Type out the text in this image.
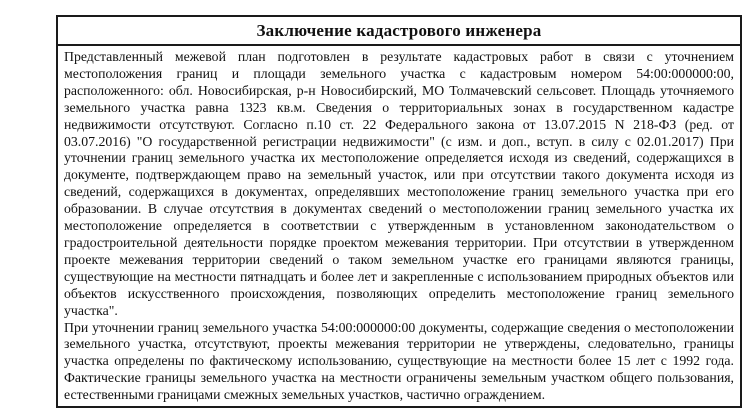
Заключение кадастрового инженера

Представленный межевой план подготовлен в результате кадастровых работ в связи с уточнением местоположения границ и площади земельного участка с кадастровым номером 54:00:000000:00, расположенного: обл. Новосибирская, р-н Новосибирский, МО Толмачевский сельсовет. Площадь уточняемого земельного участка равна 1323 кв.м. Сведения о территориальных зонах в государственном кадастре недвижимости отсутствуют. Согласно п.10 ст. 22 Федерального закона от 13.07.2015 N 218-ФЗ (ред. от 03.07.2016) "О государственной регистрации недвижимости" (с изм. и доп., вступ. в силу с 02.01.2017) При уточнении границ земельного участка их местоположение определяется исходя из сведений, содержащихся в документе, подтверждающем право на земельный участок, или при отсутствии такого документа исходя из сведений, содержащихся в документах, определявших местоположение границ земельного участка при его образовании. В случае отсутствия в документах сведений о местоположении границ земельного участка их местоположение определяется в соответствии с утвержденным в установленном законодательством о градостроительной деятельности порядке проектом межевания территории. При отсутствии в утвержденном проекте межевания территории сведений о таком земельном участке его границами являются границы, существующие на местности пятнадцать и более лет и закрепленные с использованием природных объектов или объектов искусственного происхождения, позволяющих определить местоположение границ земельного участка".

При уточнении границ земельного участка 54:00:000000:00 документы, содержащие сведения о местоположении земельного участка, отсутствуют, проекты межевания территории не утверждены, следовательно, границы участка определены по фактическому использованию, существующие на местности более 15 лет с 1992 года. Фактические границы земельного участка на местности ограничены земельным участком общего пользования, естественными границами смежных земельных участков, частично ограждением.
